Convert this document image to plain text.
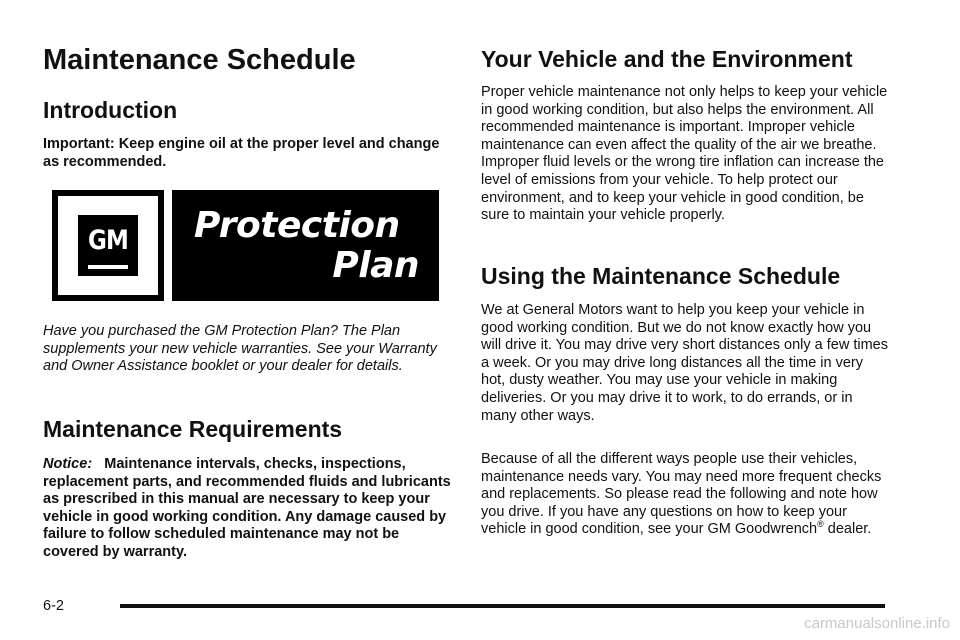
Maintenance Schedule
Introduction

Important: Keep engine oil at the proper level and change as recommended.

GM Protection
Plan

Have you purchased the GM Protection Plan? The Plan supplements your new vehicle warranties. See your Warranty and Owner Assistance booklet or your dealer for details.

Maintenance Requirements

Notice: Maintenance intervals, checks, inspections, replacement parts, and recommended fluids and lubricants as prescribed in this manual are necessary to keep your vehicle in good working condition. Any damage caused by failure to follow scheduled maintenance may not be covered by warranty.

Your Vehicle and the Environment

Proper vehicle maintenance not only helps to keep your vehicle in good working condition, but also helps the environment. All recommended maintenance is important. Improper vehicle maintenance can even affect the quality of the air we breathe. Improper fluid levels or the wrong tire inflation can increase the level of emissions from your vehicle. To help protect our environment, and to keep your vehicle in good condition, be sure to maintain your vehicle properly.

Using the Maintenance Schedule

We at General Motors want to help you keep your vehicle in good working condition. But we do not know exactly how you will drive it. You may drive very short distances only a few times a week. Or you may drive long distances all the time in very hot, dusty weather. You may use your vehicle in making deliveries. Or you may drive it to work, to do errands, or in many other ways.

Because of all the different ways people use their vehicles, maintenance needs vary. You may need more frequent checks and replacements. So please read the following and note how you drive. If you have any questions on how to keep your vehicle in good condition, see your GM Goodwrench® dealer.

6-2
carmanualsonline.info
